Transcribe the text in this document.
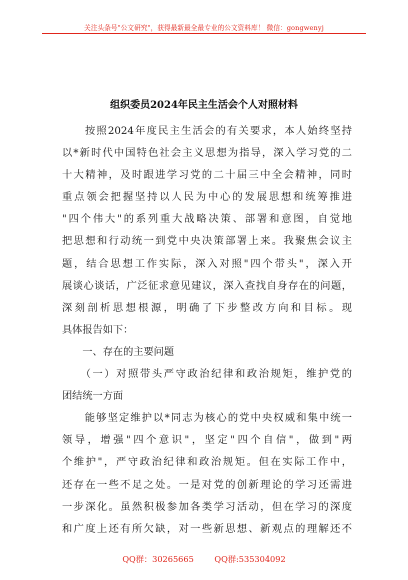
关注头条号"公文研究"，获得最新最全最专业的公文资料库！ 微信：gongwenyj
组织委员2024年民主生活会个人对照材料
　　按照2024年度民主生活会的有关要求，本人始终坚持
以*新时代中国特色社会主义思想为指导，深入学习党的二
十大精神，及时跟进学习党的二十届三中全会精神，同时
重点领会把握坚持以人民为中心的发展思想和统筹推进
"四个伟大"的系列重大战略决策、部署和意图，自觉地
把思想和行动统一到党中央决策部署上来。我聚焦会议主
题，结合思想工作实际，深入对照"四个带头"，深入开
展谈心谈话，广泛征求意见建议，深入查找自身存在的问题，
深刻剖析思想根源，明确了下步整改方向和目标。现
具体报告如下：
　　一、存在的主要问题
　　（一）对照带头严守政治纪律和政治规矩，维护党的
团结统一方面
　　能够坚定维护以*同志为核心的党中央权威和集中统一
领导，增强"四个意识"，坚定"四个自信"，做到"两
个维护"，严守政治纪律和政治规矩。但在实际工作中，
还存在一些不足之处。一是对党的创新理论的学习还需进
一步深化。虽然积极参加各类学习活动，但在学习的深度
和广度上还有所欠缺，对一些新思想、新观点的理解还不
QQ群：30265665	QQ群:535304092
